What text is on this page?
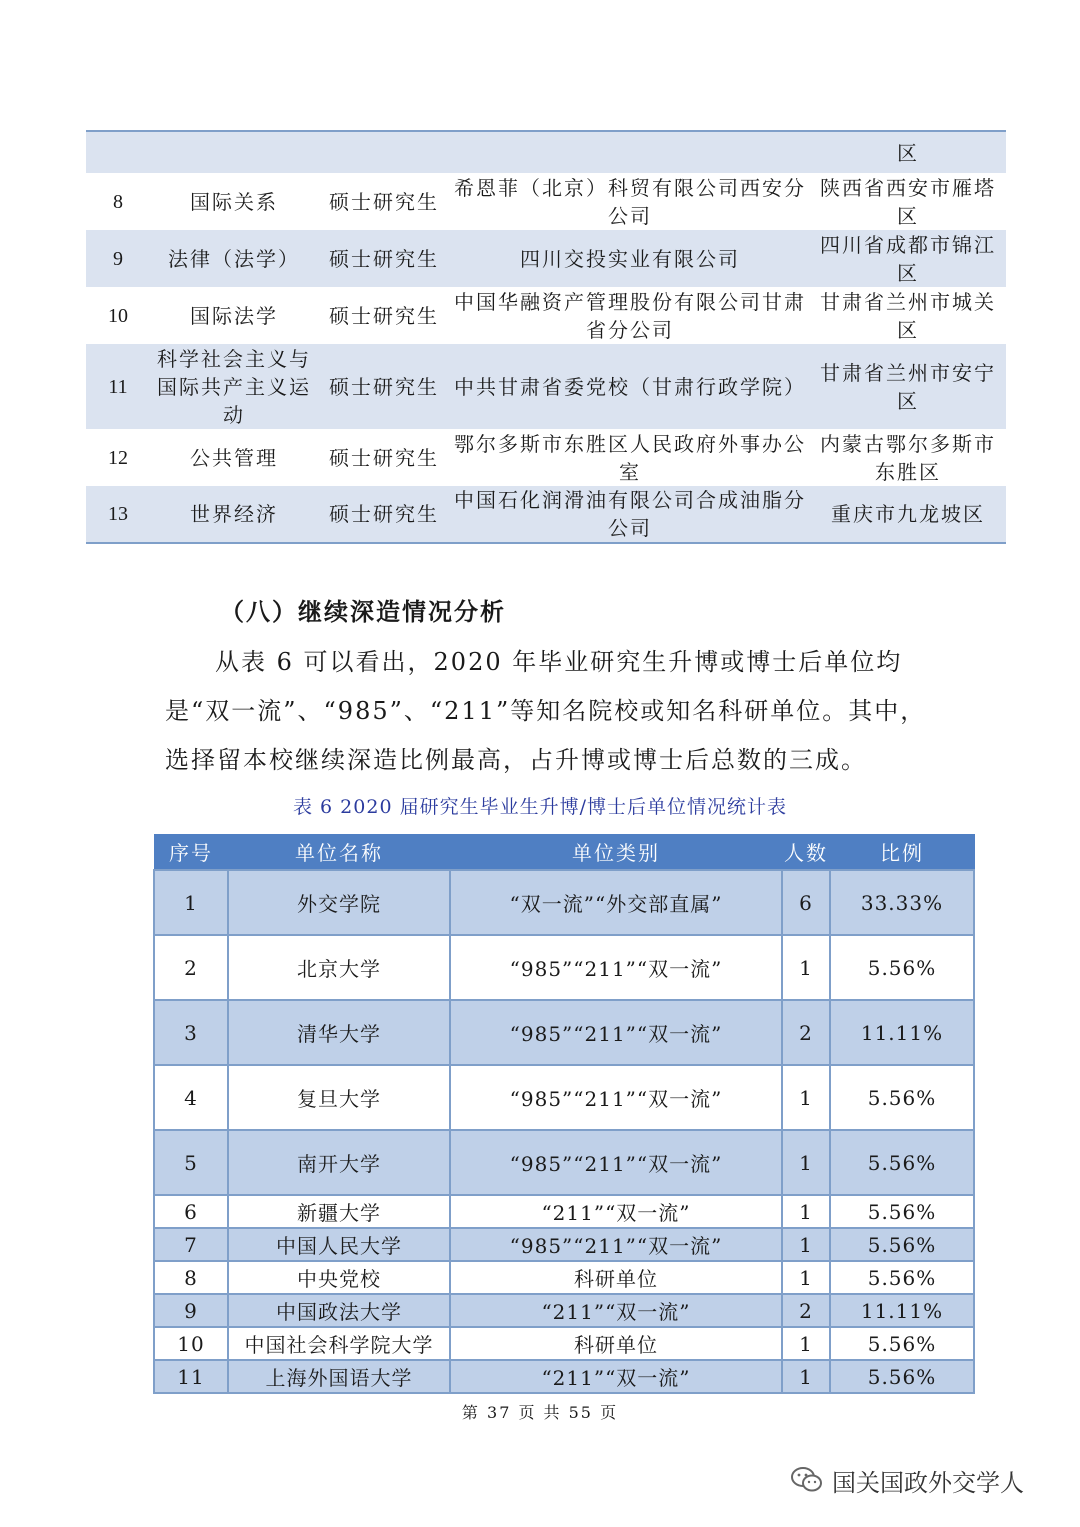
				区
8	国际关系	硕士研究生	希恩菲（北京）科贸有限公司西安分公司	陕西省西安市雁塔区
9	法律（法学）	硕士研究生	四川交投实业有限公司	四川省成都市锦江区
10	国际法学	硕士研究生	中国华融资产管理股份有限公司甘肃省分公司	甘肃省兰州市城关区
11	科学社会主义与国际共产主义运动	硕士研究生	中共甘肃省委党校（甘肃行政学院）	甘肃省兰州市安宁区
12	公共管理	硕士研究生	鄂尔多斯市东胜区人民政府外事办公室	内蒙古鄂尔多斯市东胜区
13	世界经济	硕士研究生	中国石化润滑油有限公司合成油脂分公司	重庆市九龙坡区
（八）继续深造情况分析

从表 6 可以看出，2020 年毕业研究生升博或博士后单位均是“双一流”、“985”、“211”等知名院校或知名科研单位。其中，选择留本校继续深造比例最高，占升博或博士后总数的三成。

表 6 2020 届研究生毕业生升博/博士后单位情况统计表

序号	单位名称	单位类别	人数	比例
1	外交学院	“双一流”“外交部直属”	6	33.33%
2	北京大学	“985”“211”“双一流”	1	5.56%
3	清华大学	“985”“211”“双一流”	2	11.11%
4	复旦大学	“985”“211”“双一流”	1	5.56%
5	南开大学	“985”“211”“双一流”	1	5.56%
6	新疆大学	“211”“双一流”	1	5.56%
7	中国人民大学	“985”“211”“双一流”	1	5.56%
8	中央党校	科研单位	1	5.56%
9	中国政法大学	“211”“双一流”	2	11.11%
10	中国社会科学院大学	科研单位	1	5.56%
11	上海外国语大学	“211”“双一流”	1	5.56%

第 37 页 共 55 页

国关国政外交学人
